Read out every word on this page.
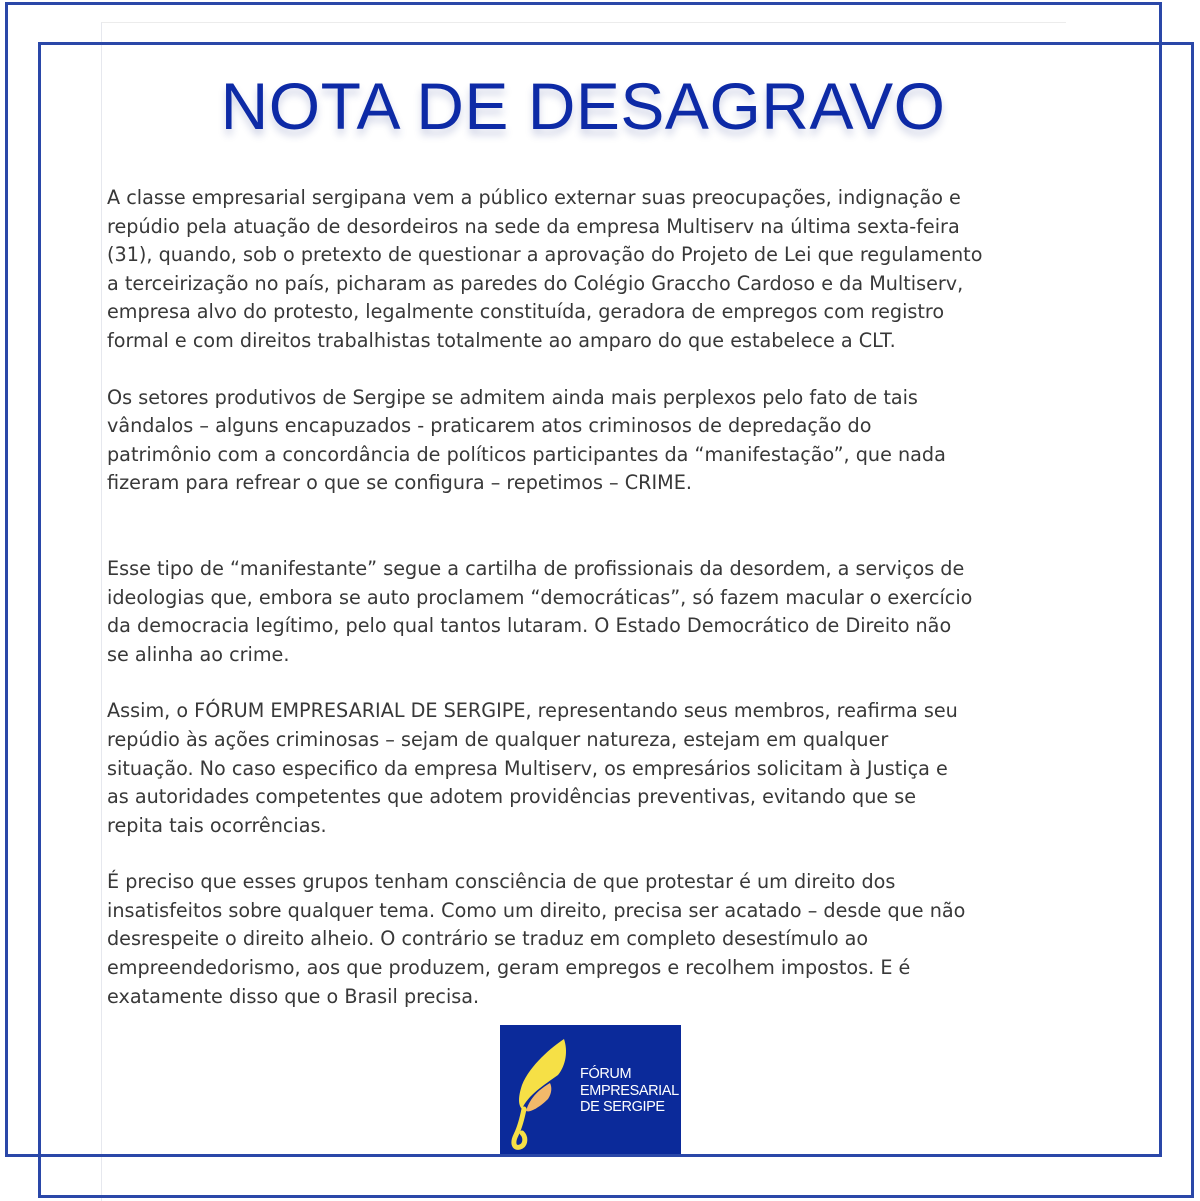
NOTA DE DESAGRAVO

A classe empresarial sergipana vem a público externar suas preocupações, indignação e
repúdio pela atuação de desordeiros na sede da empresa Multiserv na última sexta-feira
(31), quando, sob o pretexto de questionar a aprovação do Projeto de Lei que regulamento
a terceirização no país, picharam as paredes do Colégio Graccho Cardoso e da Multiserv,
empresa alvo do protesto, legalmente constituída, geradora de empregos com registro
formal e com direitos trabalhistas totalmente ao amparo do que estabelece a CLT.

Os setores produtivos de Sergipe se admitem ainda mais perplexos pelo fato de tais
vândalos – alguns encapuzados - praticarem atos criminosos de depredação do
patrimônio com a concordância de políticos participantes da “manifestação”, que nada
fizeram para refrear o que se configura – repetimos – CRIME.

Esse tipo de “manifestante” segue a cartilha de profissionais da desordem, a serviços de
ideologias que, embora se auto proclamem “democráticas”, só fazem macular o exercício
da democracia legítimo, pelo qual tantos lutaram. O Estado Democrático de Direito não
se alinha ao crime.

Assim, o FÓRUM EMPRESARIAL DE SERGIPE, representando seus membros, reafirma seu
repúdio às ações criminosas – sejam de qualquer natureza, estejam em qualquer
situação. No caso especifico da empresa Multiserv, os empresários solicitam à Justiça e
as autoridades competentes que adotem providências preventivas, evitando que se
repita tais ocorrências.

É preciso que esses grupos tenham consciência de que protestar é um direito dos
insatisfeitos sobre qualquer tema. Como um direito, precisa ser acatado – desde que não
desrespeite o direito alheio. O contrário se traduz em completo desestímulo ao
empreendedorismo, aos que produzem, geram empregos e recolhem impostos. E é
exatamente disso que o Brasil precisa.

FÓRUM
EMPRESARIAL
DE SERGIPE
